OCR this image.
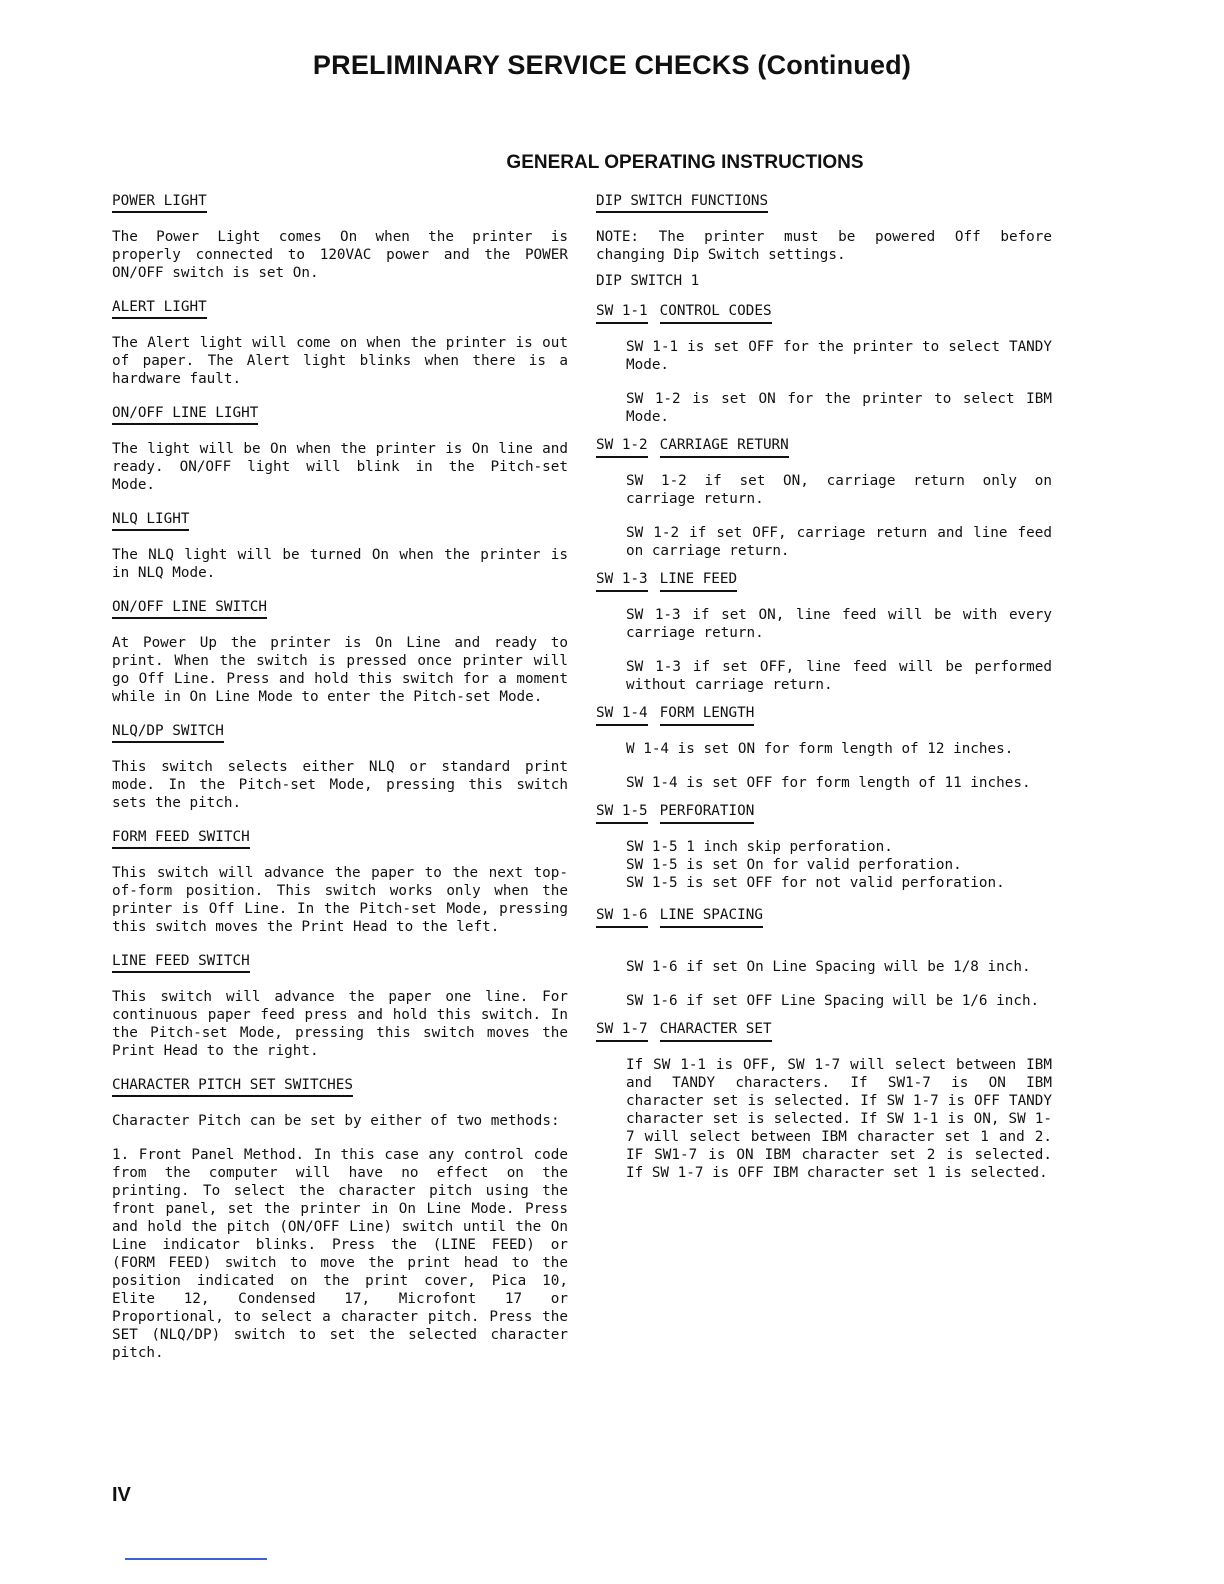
PRELIMINARY SERVICE CHECKS (Continued)
GENERAL OPERATING INSTRUCTIONS
POWER LIGHT
The Power Light comes On when the printer is properly connected to 120VAC power and the POWER ON/OFF switch is set On.
ALERT LIGHT
The Alert light will come on when the printer is out of paper. The Alert light blinks when there is a hardware fault.
ON/OFF LINE LIGHT
The light will be On when the printer is On line and ready. ON/OFF light will blink in the Pitch-set Mode.
NLQ LIGHT
The NLQ light will be turned On when the printer is in NLQ Mode.
ON/OFF LINE SWITCH
At Power Up the printer is On Line and ready to print. When the switch is pressed once printer will go Off Line. Press and hold this switch for a moment while in On Line Mode to enter the Pitch-set Mode.
NLQ/DP SWITCH
This switch selects either NLQ or standard print mode. In the Pitch-set Mode, pressing this switch sets the pitch.
FORM FEED SWITCH
This switch will advance the paper to the next top-of-form position. This switch works only when the printer is Off Line. In the Pitch-set Mode, pressing this switch moves the Print Head to the left.
LINE FEED SWITCH
This switch will advance the paper one line. For continuous paper feed press and hold this switch. In the Pitch-set Mode, pressing this switch moves the Print Head to the right.
CHARACTER PITCH SET SWITCHES
Character Pitch can be set by either of two methods:
1. Front Panel Method. In this case any control code from the computer will have no effect on the printing. To select the character pitch using the front panel, set the printer in On Line Mode. Press and hold the pitch (ON/OFF Line) switch until the On Line indicator blinks. Press the (LINE FEED) or (FORM FEED) switch to move the print head to the position indicated on the print cover, Pica 10, Elite 12, Condensed 17, Microfont 17 or Proportional, to select a character pitch. Press the SET (NLQ/DP) switch to set the selected character pitch.
DIP SWITCH FUNCTIONS
NOTE: The printer must be powered Off before changing Dip Switch settings.
DIP SWITCH 1
SW 1-1 CONTROL CODES
SW 1-1 is set OFF for the printer to select TANDY Mode.
SW 1-2 is set ON for the printer to select IBM Mode.
SW 1-2 CARRIAGE RETURN
SW 1-2 if set ON, carriage return only on carriage return.
SW 1-2 if set OFF, carriage return and line feed on carriage return.
SW 1-3 LINE FEED
SW 1-3 if set ON, line feed will be with every carriage return.
SW 1-3 if set OFF, line feed will be performed without carriage return.
SW 1-4 FORM LENGTH
W 1-4 is set ON for form length of 12 inches.
SW 1-4 is set OFF for form length of 11 inches.
SW 1-5 PERFORATION
SW 1-5 1 inch skip perforation.
SW 1-5 is set On for valid perforation.
SW 1-5 is set OFF for not valid perforation.
SW 1-6 LINE SPACING
SW 1-6 if set On Line Spacing will be 1/8 inch.
SW 1-6 if set OFF Line Spacing will be 1/6 inch.
SW 1-7 CHARACTER SET
If SW 1-1 is OFF, SW 1-7 will select between IBM and TANDY characters. If SW1-7 is ON IBM character set is selected. If SW 1-7 is OFF TANDY character set is selected. If SW 1-1 is ON, SW 1-7 will select between IBM character set 1 and 2. IF SW1-7 is ON IBM character set 2 is selected. If SW 1-7 is OFF IBM character set 1 is selected.
IV
